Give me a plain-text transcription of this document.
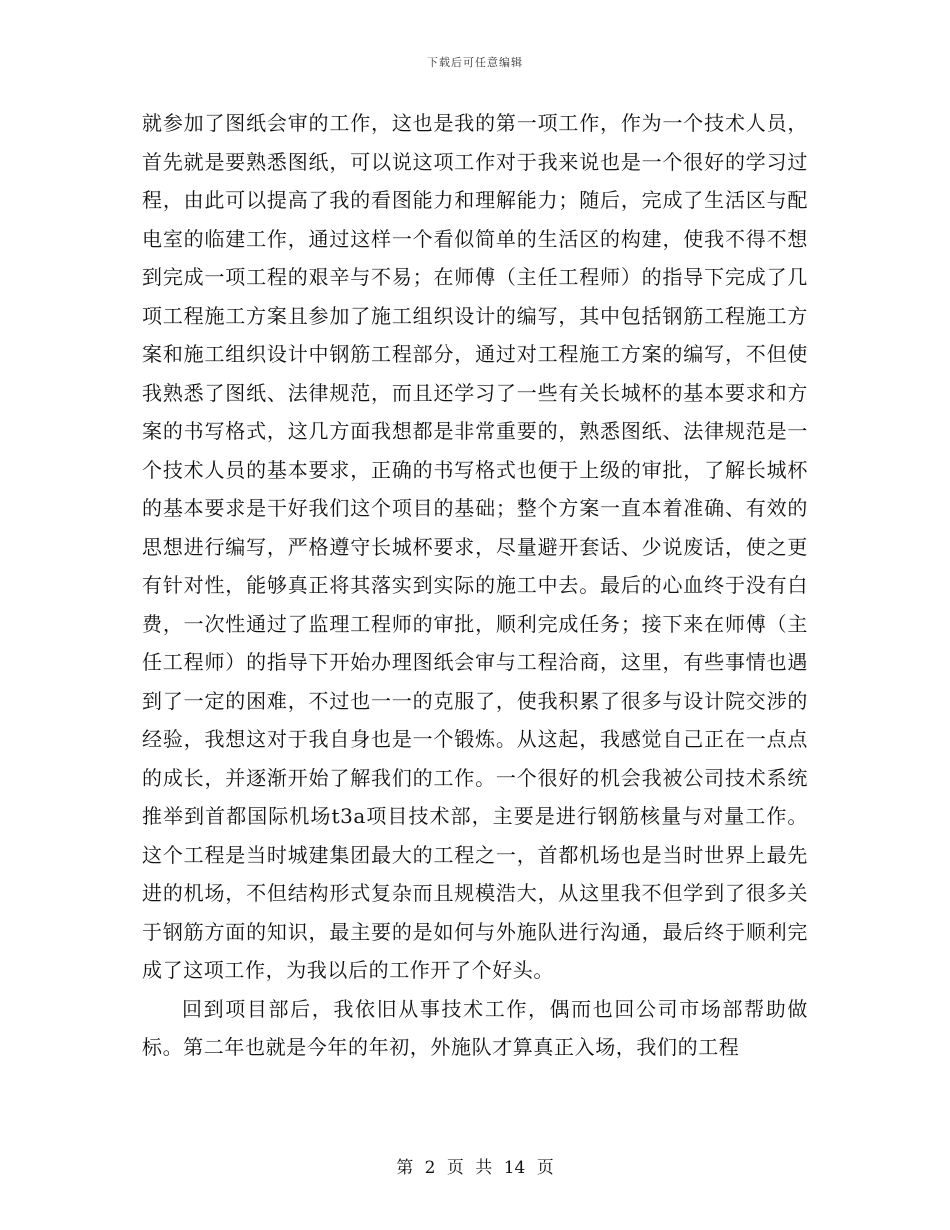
下载后可任意编辑

就参加了图纸会审的工作，这也是我的第一项工作，作为一个技术人员，首先就是要熟悉图纸，可以说这项工作对于我来说也是一个很好的学习过程，由此可以提高了我的看图能力和理解能力；随后，完成了生活区与配电室的临建工作，通过这样一个看似简单的生活区的构建，使我不得不想到完成一项工程的艰辛与不易；在师傅（主任工程师）的指导下完成了几项工程施工方案且参加了施工组织设计的编写，其中包括钢筋工程施工方案和施工组织设计中钢筋工程部分，通过对工程施工方案的编写，不但使我熟悉了图纸、法律规范，而且还学习了一些有关长城杯的基本要求和方案的书写格式，这几方面我想都是非常重要的，熟悉图纸、法律规范是一个技术人员的基本要求，正确的书写格式也便于上级的审批，了解长城杯的基本要求是干好我们这个项目的基础；整个方案一直本着准确、有效的思想进行编写，严格遵守长城杯要求，尽量避开套话、少说废话，使之更有针对性，能够真正将其落实到实际的施工中去。最后的心血终于没有白费，一次性通过了监理工程师的审批，顺利完成任务；接下来在师傅（主任工程师）的指导下开始办理图纸会审与工程洽商，这里，有些事情也遇到了一定的困难，不过也一一的克服了，使我积累了很多与设计院交涉的经验，我想这对于我自身也是一个锻炼。从这起，我感觉自己正在一点点的成长，并逐渐开始了解我们的工作。一个很好的机会我被公司技术系统推举到首都国际机场t3a项目技术部，主要是进行钢筋核量与对量工作。这个工程是当时城建集团最大的工程之一，首都机场也是当时世界上最先进的机场，不但结构形式复杂而且规模浩大，从这里我不但学到了很多关于钢筋方面的知识，最主要的是如何与外施队进行沟通，最后终于顺利完成了这项工作，为我以后的工作开了个好头。

回到项目部后，我依旧从事技术工作，偶而也回公司市场部帮助做标。第二年也就是今年的年初，外施队才算真正入场，我们的工程

第 2 页 共 14 页
